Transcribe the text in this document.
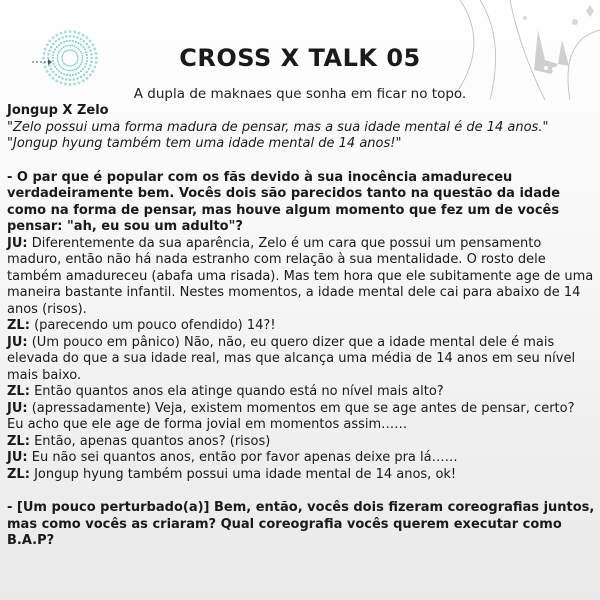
CROSS X TALK 05
A dupla de maknaes que sonha em ficar no topo.
Jongup X Zelo
"Zelo possui uma forma madura de pensar, mas a sua idade mental é de 14 anos."
"Jongup hyung também tem uma idade mental de 14 anos!"
- O par que é popular com os fãs devido à sua inocência amadureceu verdadeiramente bem. Vocês dois são parecidos tanto na questão da idade como na forma de pensar, mas houve algum momento que fez um de vocês pensar: "ah, eu sou um adulto"?
JU: Diferentemente da sua aparência, Zelo é um cara que possui um pensamento maduro, então não há nada estranho com relação à sua mentalidade. O rosto dele também amadureceu (abafa uma risada). Mas tem hora que ele subitamente age de uma maneira bastante infantil. Nestes momentos, a idade mental dele cai para abaixo de 14 anos (risos).
ZL: (parecendo um pouco ofendido) 14?!
JU: (Um pouco em pânico) Não, não, eu quero dizer que a idade mental dele é mais elevada do que a sua idade real, mas que alcança uma média de 14 anos em seu nível mais baixo.
ZL: Então quantos anos ela atinge quando está no nível mais alto?
JU: (apressadamente) Veja, existem momentos em que se age antes de pensar, certo? Eu acho que ele age de forma jovial em momentos assim……
ZL: Então, apenas quantos anos? (risos)
JU: Eu não sei quantos anos, então por favor apenas deixe pra lá……
ZL: Jongup hyung também possui uma idade mental de 14 anos, ok!
- [Um pouco perturbado(a)] Bem, então, vocês dois fizeram coreografias juntos, mas como vocês as criaram? Qual coreografia vocês querem executar como B.A.P?
